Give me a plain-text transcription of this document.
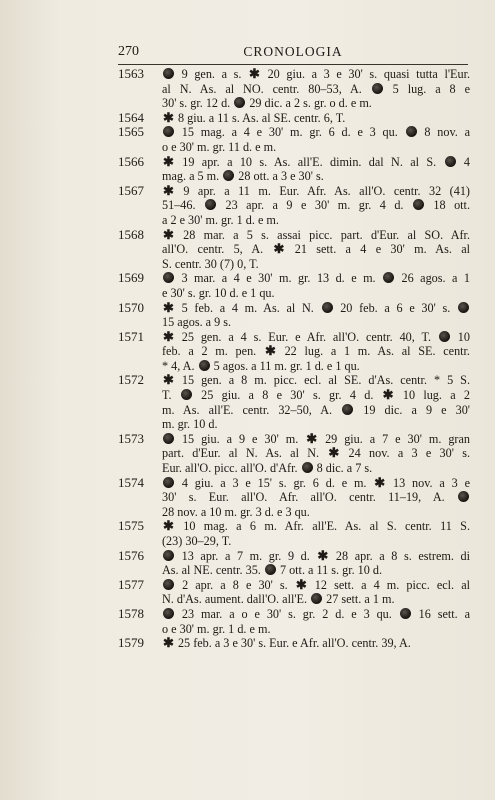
270	CRONOLOGIA
1563	9 gen. a s. ✱ 20 giu. a 3 e 30' s. quasi tutta l'Eur.
al N. As. al NO. centr. 80–53, A.  5 lug. a 8 e
30' s. gr. 12 d.  29 dic. a 2 s. gr. o d. e m.
1564 ✱ 8 giu. a 11 s. As. al SE. centr. 6, T.
1565	15 mag. a 4 e 30' m. gr. 6 d. e 3 qu.  8 nov. a
o e 30' m. gr. 11 d. e m.
1566 ✱ 19 apr. a 10 s. As. all'E. dimin. dal N. al S.  4
mag. a 5 m.  28 ott. a 3 e 30' s.
1567 ✱ 9 apr. a 11 m. Eur. Afr. As. all'O. centr. 32 (41)
51–46.  23 apr. a 9 e 30' m. gr. 4 d.  18 ott.
a 2 e 30' m. gr. 1 d. e m.
1568 ✱ 28 mar. a 5 s. assai picc. part. d'Eur. al SO. Afr.
all'O. centr. 5, A. ✱ 21 sett. a 4 e 30' m. As. al
S. centr. 30 (7) 0, T.
1569	3 mar. a 4 e 30' m. gr. 13 d. e m.  26 agos. a 1
e 30' s. gr. 10 d. e 1 qu.
1570 ✱ 5 feb. a 4 m. As. al N.  20 feb. a 6 e 30' s.
15 agos. a 9 s.
1571 ✱ 25 gen. a 4 s. Eur. e Afr. all'O. centr. 40, T.  10
feb. a 2 m. pen. ✱ 22 lug. a 1 m. As. al SE. centr.
* 4, A.  5 agos. a 11 m. gr. 1 d. e 1 qu.
1572 ✱ 15 gen. a 8 m. picc. ecl. al SE. d'As. centr. * 5 S.
T.  25 giu. a 8 e 30' s. gr. 4 d. ✱ 10 lug. a 2
m. As. all'E. centr. 32–50, A.  19 dic. a 9 e 30'
m. gr. 10 d.
1573	15 giu. a 9 e 30' m. ✱ 29 giu. a 7 e 30' m. gran
part. d'Eur. al N. As. al N. ✱ 24 nov. a 3 e 30' s.
Eur. all'O. picc. all'O. d'Afr.  8 dic. a 7 s.
1574	4 giu. a 3 e 15' s. gr. 6 d. e m. ✱ 13 nov. a 3 e
30' s. Eur. all'O. Afr. all'O. centr. 11–19, A.
28 nov. a 10 m. gr. 3 d. e 3 qu.
1575 ✱ 10 mag. a 6 m. Afr. all'E. As. al S. centr. 11 S.
(23) 30–29, T.
1576	13 apr. a 7 m. gr. 9 d. ✱ 28 apr. a 8 s. estrem. di
As. al NE. centr. 35.  7 ott. a 11 s. gr. 10 d.
1577	2 apr. a 8 e 30' s. ✱ 12 sett. a 4 m. picc. ecl. al
N. d'As. aument. dall'O. all'E.  27 sett. a 1 m.
1578	23 mar. a o e 30' s. gr. 2 d. e 3 qu.  16 sett. a
o e 30' m. gr. 1 d. e m.
1579 ✱ 25 feb. a 3 e 30' s. Eur. e Afr. all'O. centr. 39, A.
